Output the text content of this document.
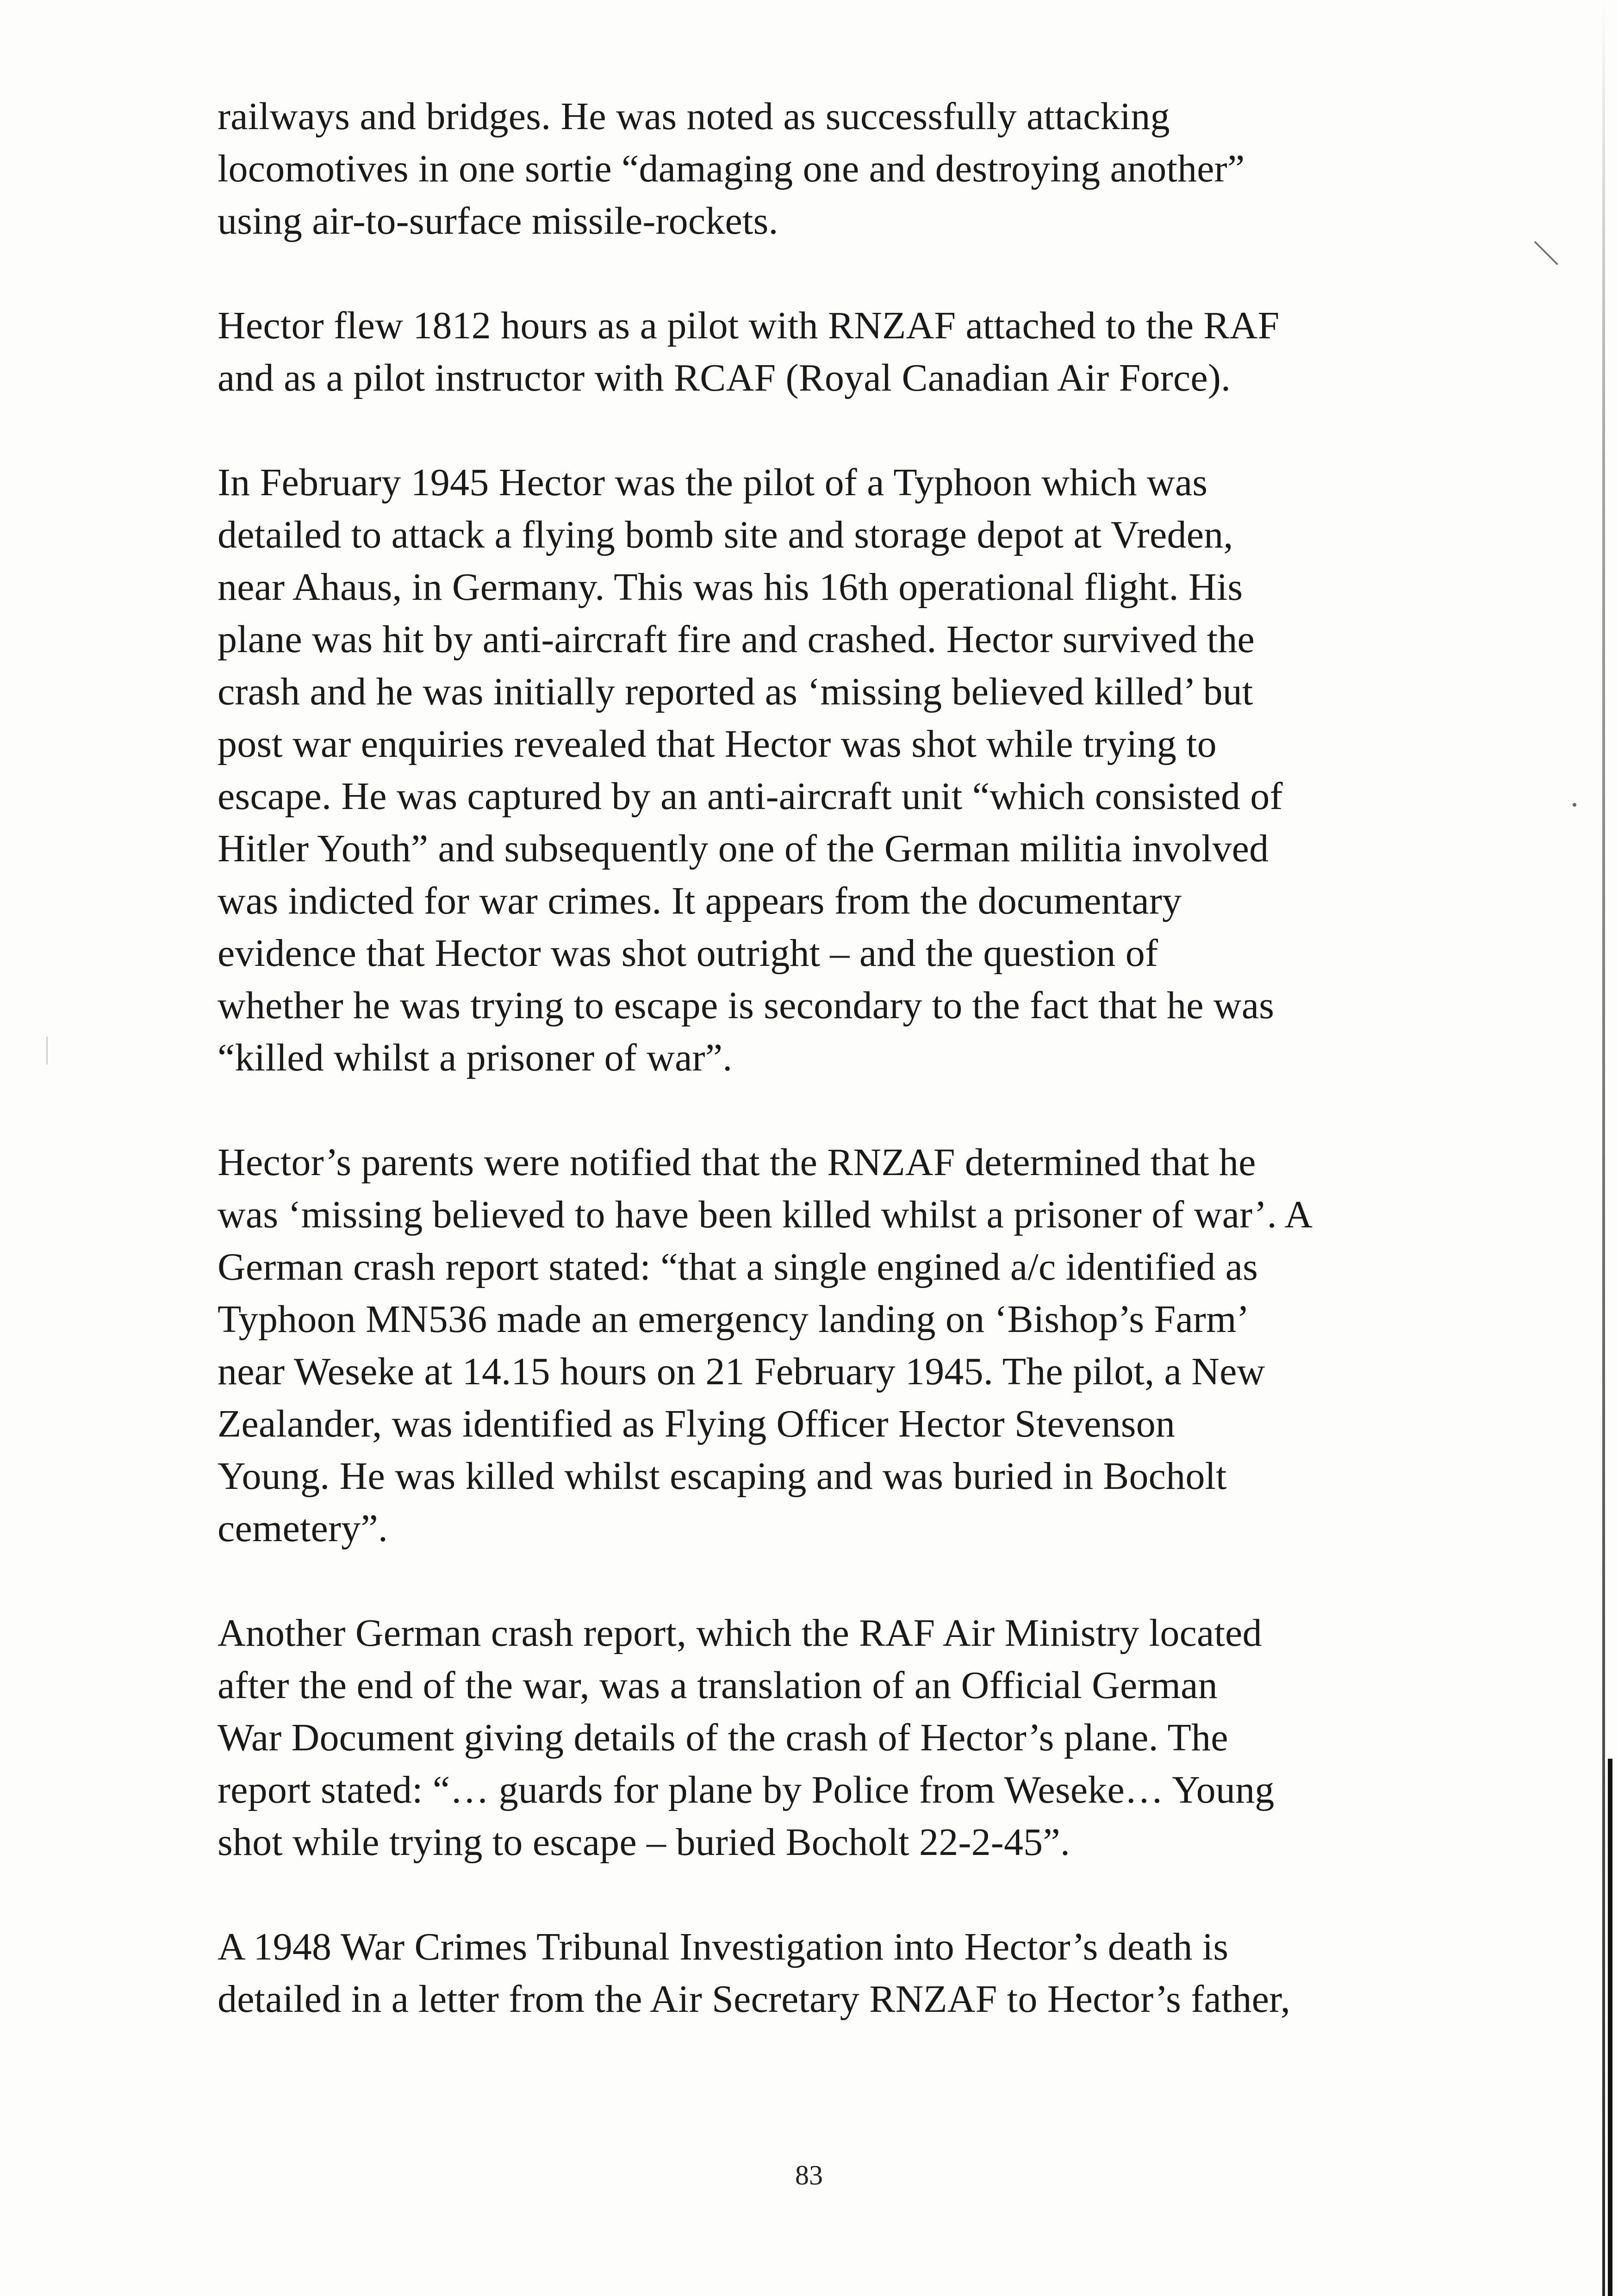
railways and bridges. He was noted as successfully attacking
locomotives in one sortie “damaging one and destroying another”
using air-to-surface missile-rockets.

Hector flew 1812 hours as a pilot with RNZAF attached to the RAF
and as a pilot instructor with RCAF (Royal Canadian Air Force).

In February 1945 Hector was the pilot of a Typhoon which was
detailed to attack a flying bomb site and storage depot at Vreden,
near Ahaus, in Germany. This was his 16th operational flight. His
plane was hit by anti-aircraft fire and crashed. Hector survived the
crash and he was initially reported as ‘missing believed killed’ but
post war enquiries revealed that Hector was shot while trying to
escape. He was captured by an anti-aircraft unit “which consisted of
Hitler Youth” and subsequently one of the German militia involved
was indicted for war crimes. It appears from the documentary
evidence that Hector was shot outright – and the question of
whether he was trying to escape is secondary to the fact that he was
“killed whilst a prisoner of war”.

Hector’s parents were notified that the RNZAF determined that he
was ‘missing believed to have been killed whilst a prisoner of war’. A
German crash report stated: “that a single engined a/c identified as
Typhoon MN536 made an emergency landing on ‘Bishop’s Farm’
near Weseke at 14.15 hours on 21 February 1945. The pilot, a New
Zealander, was identified as Flying Officer Hector Stevenson
Young. He was killed whilst escaping and was buried in Bocholt
cemetery”.

Another German crash report, which the RAF Air Ministry located
after the end of the war, was a translation of an Official German
War Document giving details of the crash of Hector’s plane. The
report stated: “… guards for plane by Police from Weseke… Young
shot while trying to escape – buried Bocholt 22-2-45”.

A 1948 War Crimes Tribunal Investigation into Hector’s death is
detailed in a letter from the Air Secretary RNZAF to Hector’s father,

83
